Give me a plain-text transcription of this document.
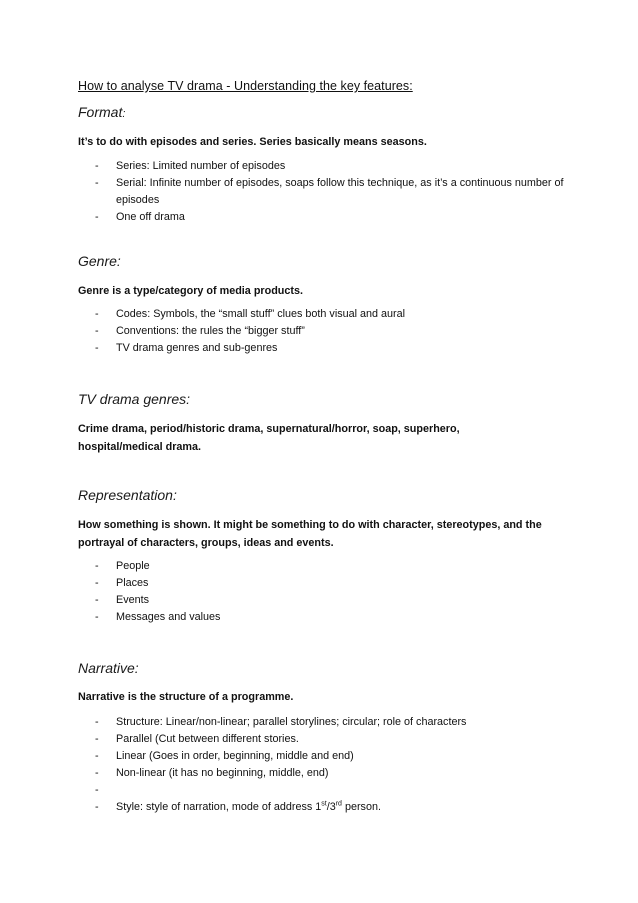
How to analyse TV drama - Understanding the key features:
Format:
It’s to do with episodes and series. Series basically means seasons.
- Series: Limited number of episodes
- Serial: Infinite number of episodes, soaps follow this technique, as it’s a continuous number of episodes
- One off drama
Genre:
Genre is a type/category of media products.
- Codes: Symbols, the “small stuff” clues both visual and aural
- Conventions: the rules the “bigger stuff”
- TV drama genres and sub-genres
TV drama genres:
Crime drama, period/historic drama, supernatural/horror, soap, superhero, hospital/medical drama.
Representation:
How something is shown. It might be something to do with character, stereotypes, and the portrayal of characters, groups, ideas and events.
- People
- Places
- Events
- Messages and values
Narrative:
Narrative is the structure of a programme.
- Structure: Linear/non-linear; parallel storylines; circular; role of characters
- Parallel (Cut between different stories.
- Linear (Goes in order, beginning, middle and end)
- Non-linear (it has no beginning, middle, end)
-
- Style: style of narration, mode of address 1st/3rd person.
